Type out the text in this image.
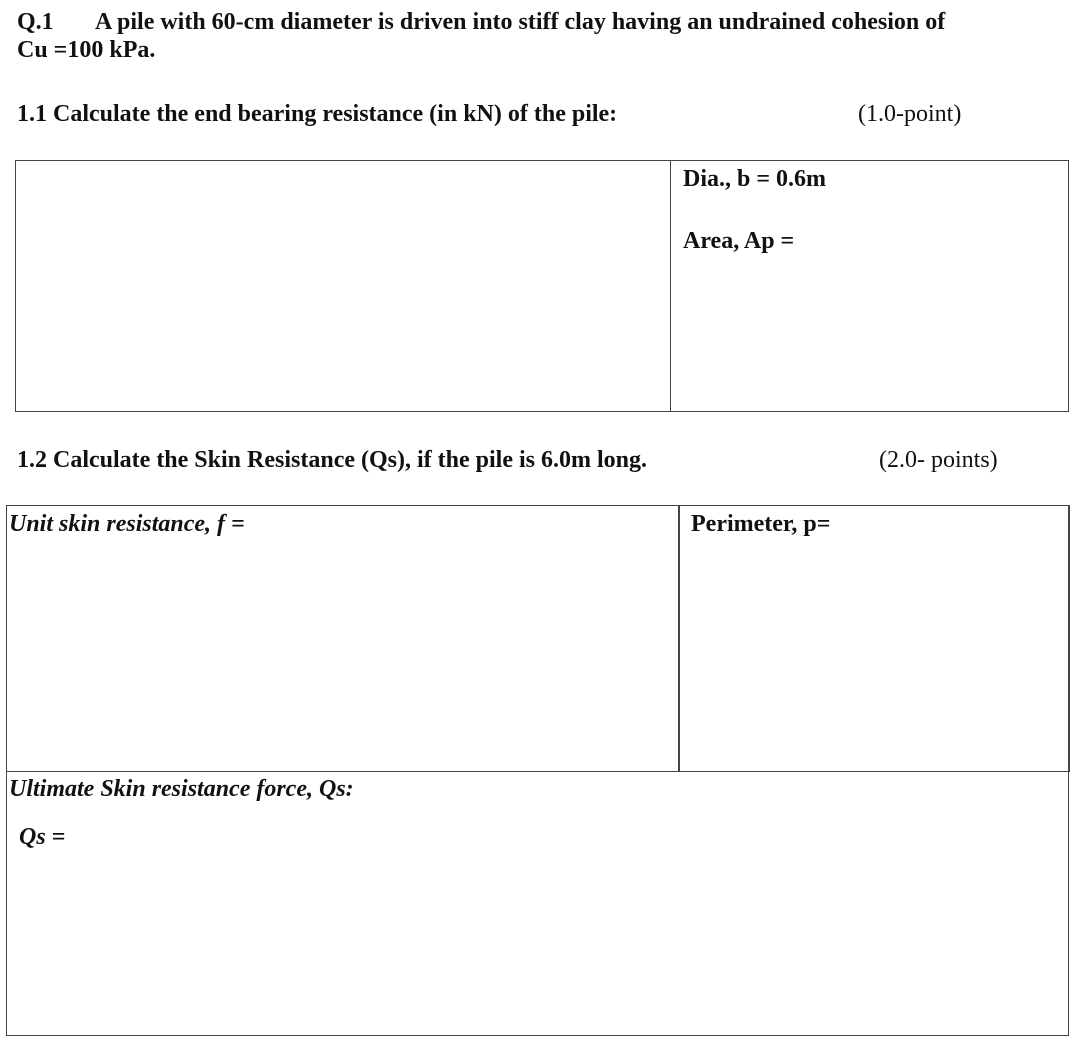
Q.1 A pile with 60-cm diameter is driven into stiff clay having an undrained cohesion of
Cu =100 kPa.
1.1 Calculate the end bearing resistance (in kN) of the pile:	(1.0-point)
Dia., b = 0.6m
Area, Ap =
1.2 Calculate the Skin Resistance (Qs), if the pile is 6.0m long.	(2.0- points)
Unit skin resistance, f =	Perimeter, p=
Ultimate Skin resistance force, Qs:
Qs =
